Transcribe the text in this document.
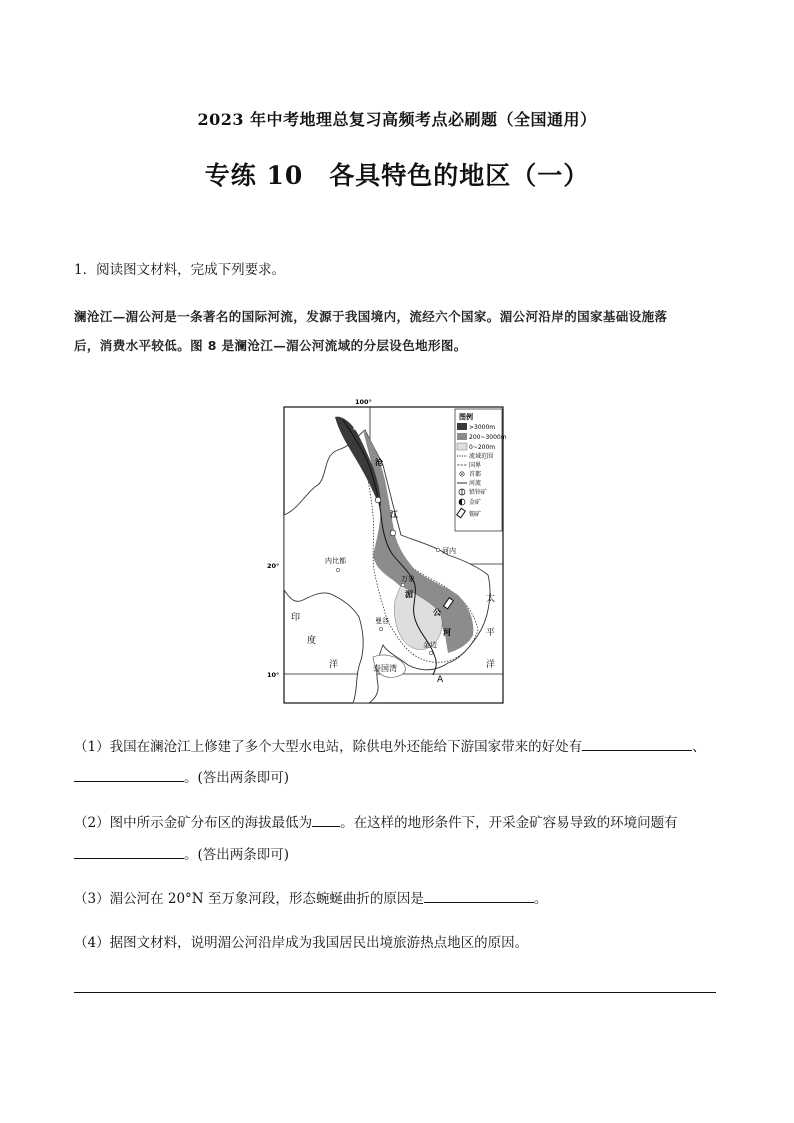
2023 年中考地理总复习高频考点必刷题（全国通用）
专练 10 各具特色的地区（一）
1．阅读图文材料，完成下列要求。
澜沧江—湄公河是一条著名的国际河流，发源于我国境内，流经六个国家。湄公河沿岸的国家基础设施落
后，消费水平较低。图 8 是澜沧江—湄公河流域的分层设色地形图。
图例
>3000m
200~3000m
0~200m
流域范围
国界
首都
河流
铅锌矿
金矿
锡矿
100°
20°
10°
澜
沧
江
河内
内比都
万象
湄
公
河
曼谷
金边
印
度
洋
太
平
洋
泰国湾
A
（1）我国在澜沧江上修建了多个大型水电站，除供电外还能给下游国家带来的好处有	、
。(答出两条即可)
（2）图中所示金矿分布区的海拔最低为 。在这样的地形条件下，开采金矿容易导致的环境问题有
。(答出两条即可)
（3）湄公河在 20°N 至万象河段，形态蜿蜒曲折的原因是	。
（4）据图文材料，说明湄公河沿岸成为我国居民出境旅游热点地区的原因。
